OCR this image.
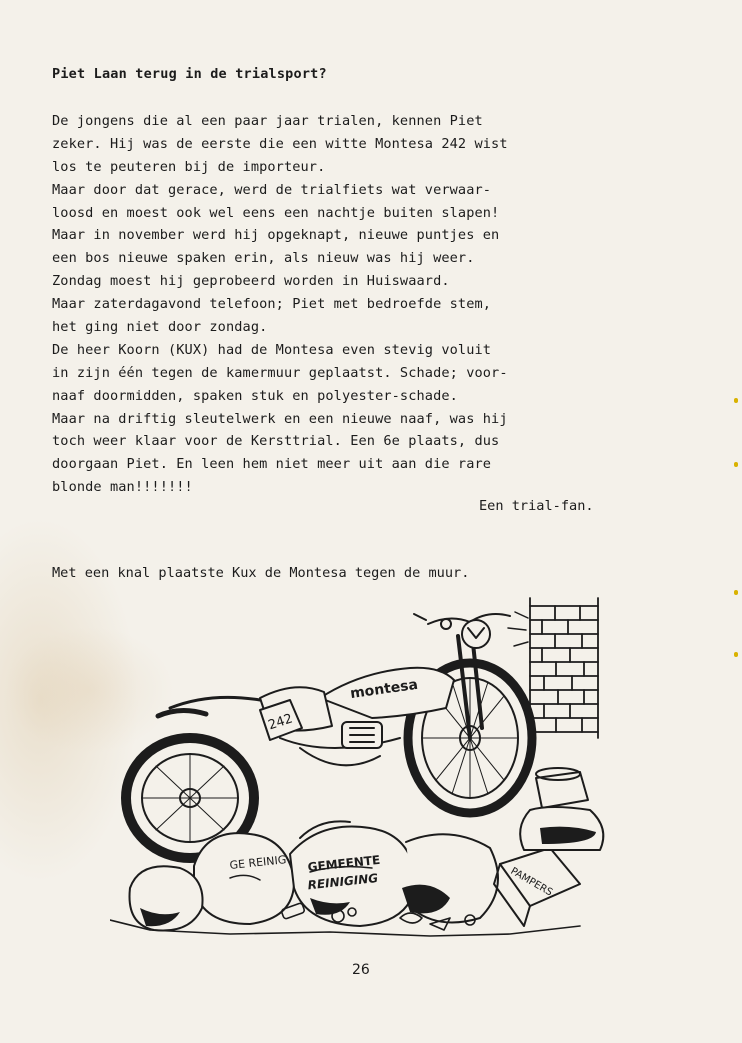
Piet Laan terug in de trialsport?
De jongens die al een paar jaar trialen, kennen Piet
zeker. Hij was de eerste die een witte Montesa 242 wist
los te peuteren bij de importeur.
Maar door dat gerace, werd de trialfiets wat verwaar-
loosd en moest ook wel eens een nachtje buiten slapen!
Maar in november werd hij opgeknapt, nieuwe puntjes en
een bos nieuwe spaken erin, als nieuw was hij weer.
Zondag moest hij geprobeerd worden in Huiswaard.
Maar zaterdagavond telefoon; Piet met bedroefde stem,
het ging niet door zondag.
De heer Koorn (KUX) had de Montesa even stevig voluit
in zijn één tegen de kamermuur geplaatst. Schade; voor-
naaf doormidden, spaken stuk en polyester-schade.
Maar na driftig sleutelwerk en een nieuwe naaf, was hij
toch weer klaar voor de Kersttrial. Een 6e plaats, dus
doorgaan Piet. En leen hem niet meer uit aan die rare
blonde man!!!!!!!
Een trial-fan.
Met een knal plaatste Kux de Montesa tegen de muur.
242
montesa
GE REINIG GEMEENTE
REINIGING	PAMPERS
26
